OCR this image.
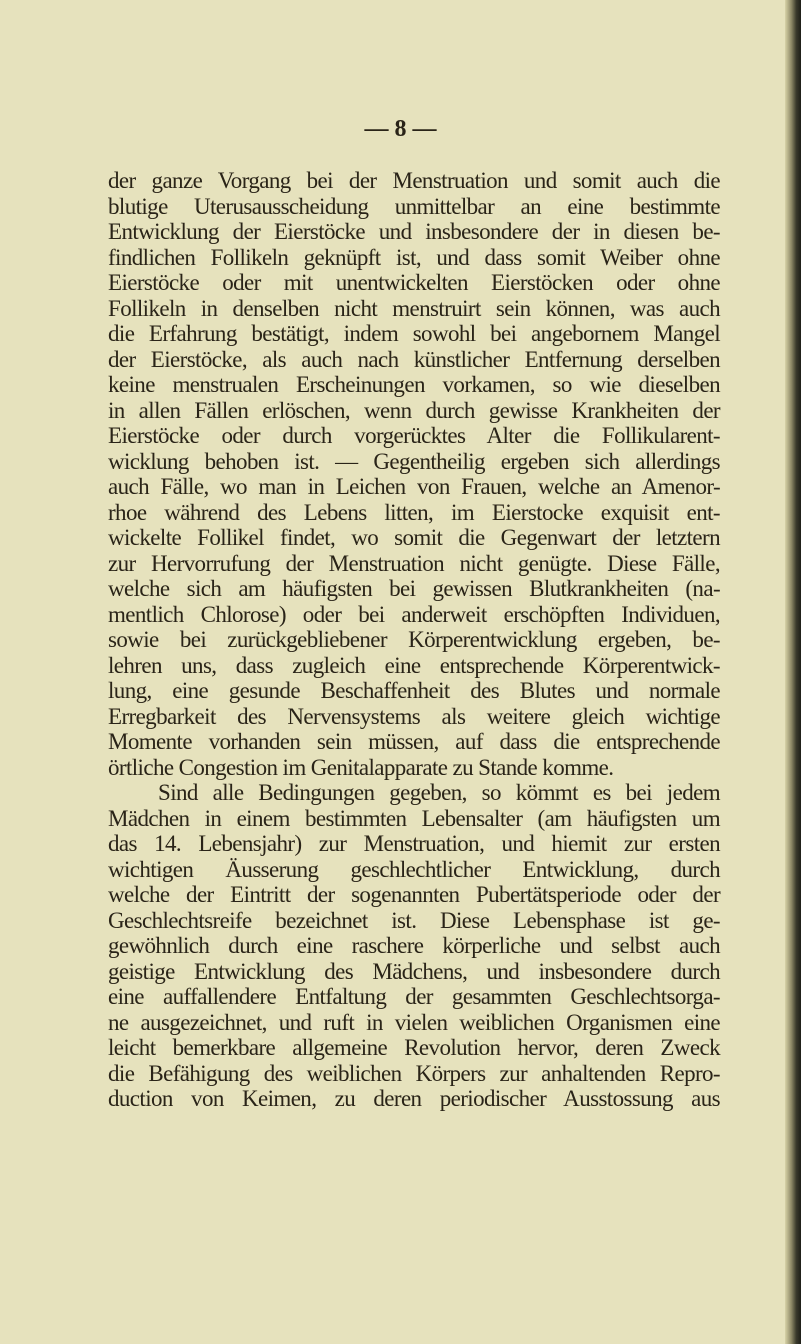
— 8 —
der ganze Vorgang bei der Menstruation und somit auch die
blutige Uterusausscheidung unmittelbar an eine bestimmte
Entwicklung der Eierstöcke und insbesondere der in diesen be-
findlichen Follikeln geknüpft ist, und dass somit Weiber ohne
Eierstöcke oder mit unentwickelten Eierstöcken oder ohne
Follikeln in denselben nicht menstruirt sein können, was auch
die Erfahrung bestätigt, indem sowohl bei angebornem Mangel
der Eierstöcke, als auch nach künstlicher Entfernung derselben
keine menstrualen Erscheinungen vorkamen, so wie dieselben
in allen Fällen erlöschen, wenn durch gewisse Krankheiten der
Eierstöcke oder durch vorgerücktes Alter die Follikularent-
wicklung behoben ist. — Gegentheilig ergeben sich allerdings
auch Fälle, wo man in Leichen von Frauen, welche an Amenor-
rhoe während des Lebens litten, im Eierstocke exquisit ent-
wickelte Follikel findet, wo somit die Gegenwart der letztern
zur Hervorrufung der Menstruation nicht genügte. Diese Fälle,
welche sich am häufigsten bei gewissen Blutkrankheiten (na-
mentlich Chlorose) oder bei anderweit erschöpften Individuen,
sowie bei zurückgebliebener Körperentwicklung ergeben, be-
lehren uns, dass zugleich eine entsprechende Körperentwick-
lung, eine gesunde Beschaffenheit des Blutes und normale
Erregbarkeit des Nervensystems als weitere gleich wichtige
Momente vorhanden sein müssen, auf dass die entsprechende
örtliche Congestion im Genitalapparate zu Stande komme.
Sind alle Bedingungen gegeben, so kömmt es bei jedem
Mädchen in einem bestimmten Lebensalter (am häufigsten um
das 14. Lebensjahr) zur Menstruation, und hiemit zur ersten
wichtigen Äusserung geschlechtlicher Entwicklung, durch
welche der Eintritt der sogenannten Pubertätsperiode oder der
Geschlechtsreife bezeichnet ist. Diese Lebensphase ist ge-
gewöhnlich durch eine raschere körperliche und selbst auch
geistige Entwicklung des Mädchens, und insbesondere durch
eine auffallendere Entfaltung der gesammten Geschlechtsorga-
ne ausgezeichnet, und ruft in vielen weiblichen Organismen eine
leicht bemerkbare allgemeine Revolution hervor, deren Zweck
die Befähigung des weiblichen Körpers zur anhaltenden Repro-
duction von Keimen, zu deren periodischer Ausstossung aus
